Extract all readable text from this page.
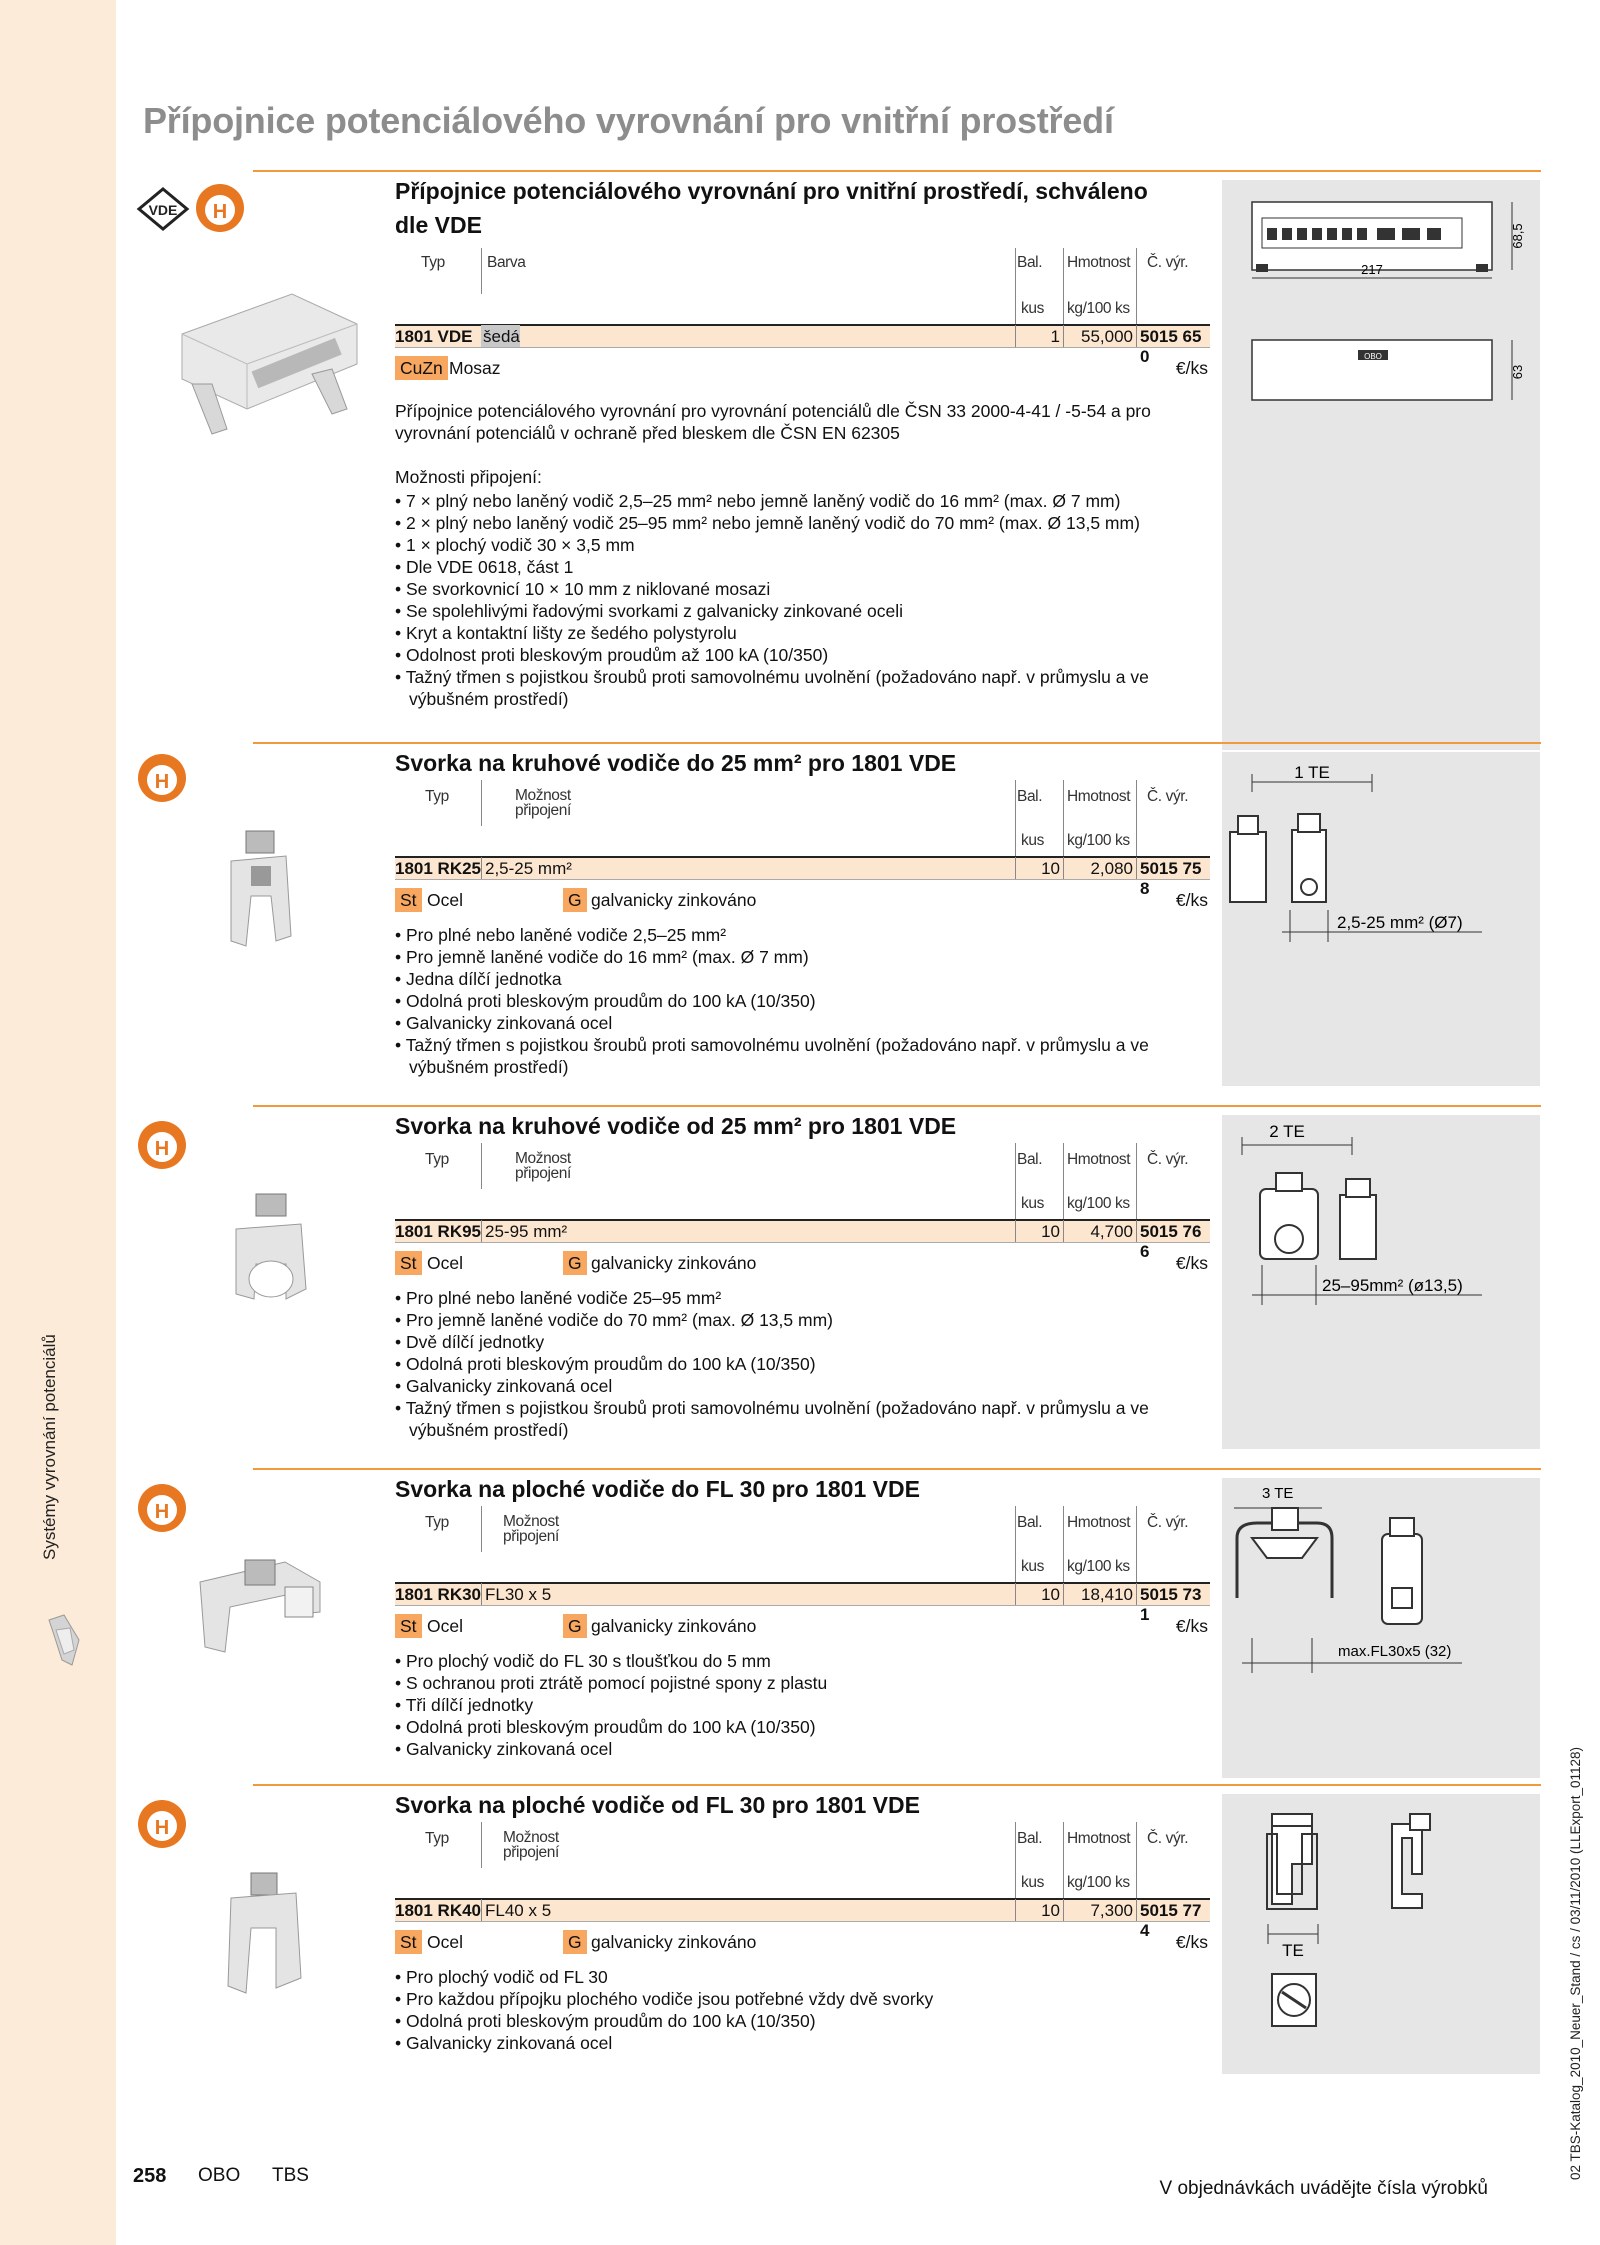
Systémy vyrovnání potenciálů
02 TBS-Katalog_2010_Neuer_Stand / cs / 03/11/2010 (LLExport_01128)
Přípojnice potenciálového vyrovnání pro vnitřní prostředí
VDE H
Přípojnice potenciálového vyrovnání pro vnitřní prostředí, schváleno
dle VDE
Typ	Barva	Bal. Hmotnost Č. výr.
kus kg/100 ks
1801 VDE šedá	1	55,000 5015 65 0
CuZn Mosaz	€/ks
Přípojnice potenciálového vyrovnání pro vyrovnání potenciálů dle ČSN 33 2000-4-41 / -5-54 a pro vyrovnání potenciálů v ochraně před bleskem dle ČSN EN 62305
Možnosti připojení:
• 7 × plný nebo laněný vodič 2,5–25 mm² nebo jemně laněný vodič do 16 mm² (max. Ø 7 mm)
• 2 × plný nebo laněný vodič 25–95 mm² nebo jemně laněný vodič do 70 mm² (max. Ø 13,5 mm)
• 1 × plochý vodič 30 × 3,5 mm
• Dle VDE 0618, část 1
• Se svorkovnicí 10 × 10 mm z niklované mosazi
• Se spolehlivými řadovými svorkami z galvanicky zinkované oceli
• Kryt a kontaktní lišty ze šedého polystyrolu
• Odolnost proti bleskovým proudům až 100 kA (10/350)
• Tažný třmen s pojistkou šroubů proti samovolnému uvolnění (požadováno např. v průmyslu a ve výbušném prostředí)
217
68,5
OBO
63
H
Svorka na kruhové vodiče do 25 mm² pro 1801 VDE
Typ	Možnost připojení
Bal. Hmotnost Č. výr.
kus kg/100 ks
1801 RK25 2,5-25 mm²	10	2,080 5015 75 8
St Ocel	G galvanicky zinkováno	€/ks
• Pro plné nebo laněné vodiče 2,5–25 mm²
• Pro jemně laněné vodiče do 16 mm² (max. Ø 7 mm)
• Jedna dílčí jednotka
• Odolná proti bleskovým proudům do 100 kA (10/350)
• Galvanicky zinkovaná ocel
• Tažný třmen s pojistkou šroubů proti samovolnému uvolnění (požadováno např. v průmyslu a ve výbušném prostředí)
1 TE
2,5-25 mm² (Ø7)
H
Svorka na kruhové vodiče od 25 mm² pro 1801 VDE
Typ	Možnost připojení
Bal. Hmotnost Č. výr.
kus kg/100 ks
1801 RK95 25-95 mm²	10	4,700 5015 76 6
St Ocel	G galvanicky zinkováno	€/ks
• Pro plné nebo laněné vodiče 25–95 mm²
• Pro jemně laněné vodiče do 70 mm² (max. Ø 13,5 mm)
• Dvě dílčí jednotky
• Odolná proti bleskovým proudům do 100 kA (10/350)
• Galvanicky zinkovaná ocel
• Tažný třmen s pojistkou šroubů proti samovolnému uvolnění (požadováno např. v průmyslu a ve výbušném prostředí)
2 TE
25–95mm² (ø13,5)
H
Svorka na ploché vodiče do FL 30 pro 1801 VDE
Typ	Možnost připojení
Bal. Hmotnost Č. výr.
kus kg/100 ks
1801 RK30 FL30 x 5	10	18,410 5015 73 1
St Ocel	G galvanicky zinkováno	€/ks
• Pro plochý vodič do FL 30 s tloušťkou do 5 mm
• S ochranou proti ztrátě pomocí pojistné spony z plastu
• Tři dílčí jednotky
• Odolná proti bleskovým proudům do 100 kA (10/350)
• Galvanicky zinkovaná ocel
3 TE
max.FL30x5 (32)
H
Svorka na ploché vodiče od FL 30 pro 1801 VDE
Typ	Možnost připojení
Bal. Hmotnost Č. výr.
kus kg/100 ks
1801 RK40 FL40 x 5	10	7,300 5015 77 4
St Ocel	G galvanicky zinkováno	€/ks
• Pro plochý vodič od FL 30
• Pro každou přípojku plochého vodiče jsou potřebné vždy dvě svorky
• Odolná proti bleskovým proudům do 100 kA (10/350)
• Galvanicky zinkovaná ocel
TE
258 OBO TBS
V objednávkách uvádějte čísla výrobků
